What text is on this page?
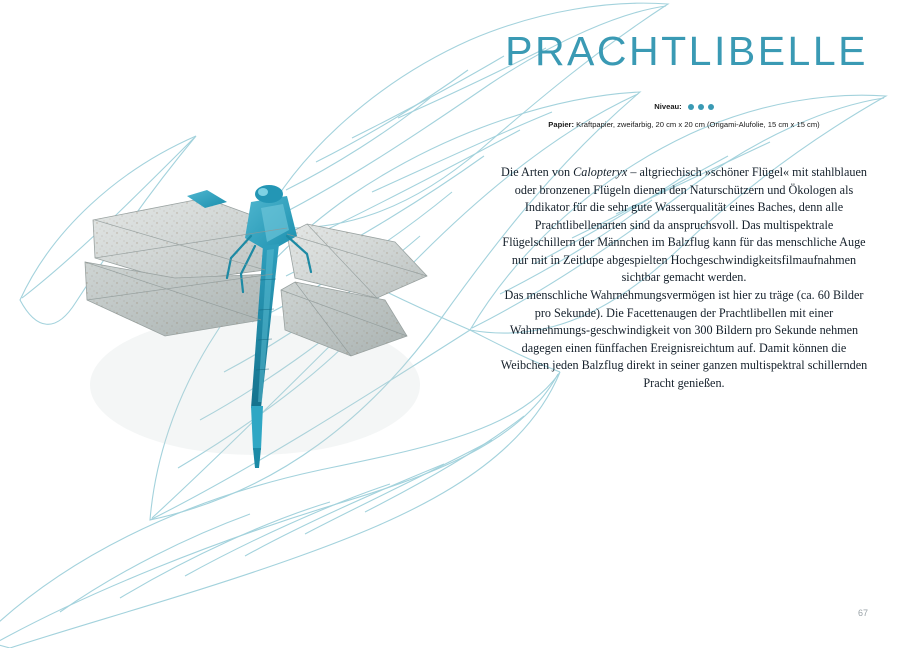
PRACHTLIBELLE
Niveau:
Papier: Kraftpapier, zweifarbig, 20 cm x 20 cm (Origami-Alufolie, 15 cm x 15 cm)

Die Arten von Calopteryx – altgriechisch »schöner Flügel« mit stahlblauen oder bronzenen Flügeln dienen den Naturschützern und Ökologen als Indikator für die sehr gute Wasserqualität eines Baches, denn alle Prachtlibellenarten sind da anspruchsvoll. Das multispektrale Flügelschillern der Männchen im Balzflug kann für das menschliche Auge nur mit in Zeitlupe abgespielten Hochgeschwindigkeitsfilmaufnahmen sichtbar gemacht werden.

Das menschliche Wahrnehmungsvermögen ist hier zu träge (ca. 60 Bilder pro Sekunde). Die Facettenaugen der Prachtlibellen mit einer Wahrnehmungs-geschwindigkeit von 300 Bildern pro Sekunde nehmen dagegen einen fünffachen Ereignisreichtum auf. Damit können die Weibchen jeden Balzflug direkt in seiner ganzen multispektral schillernden Pracht genießen.

67
